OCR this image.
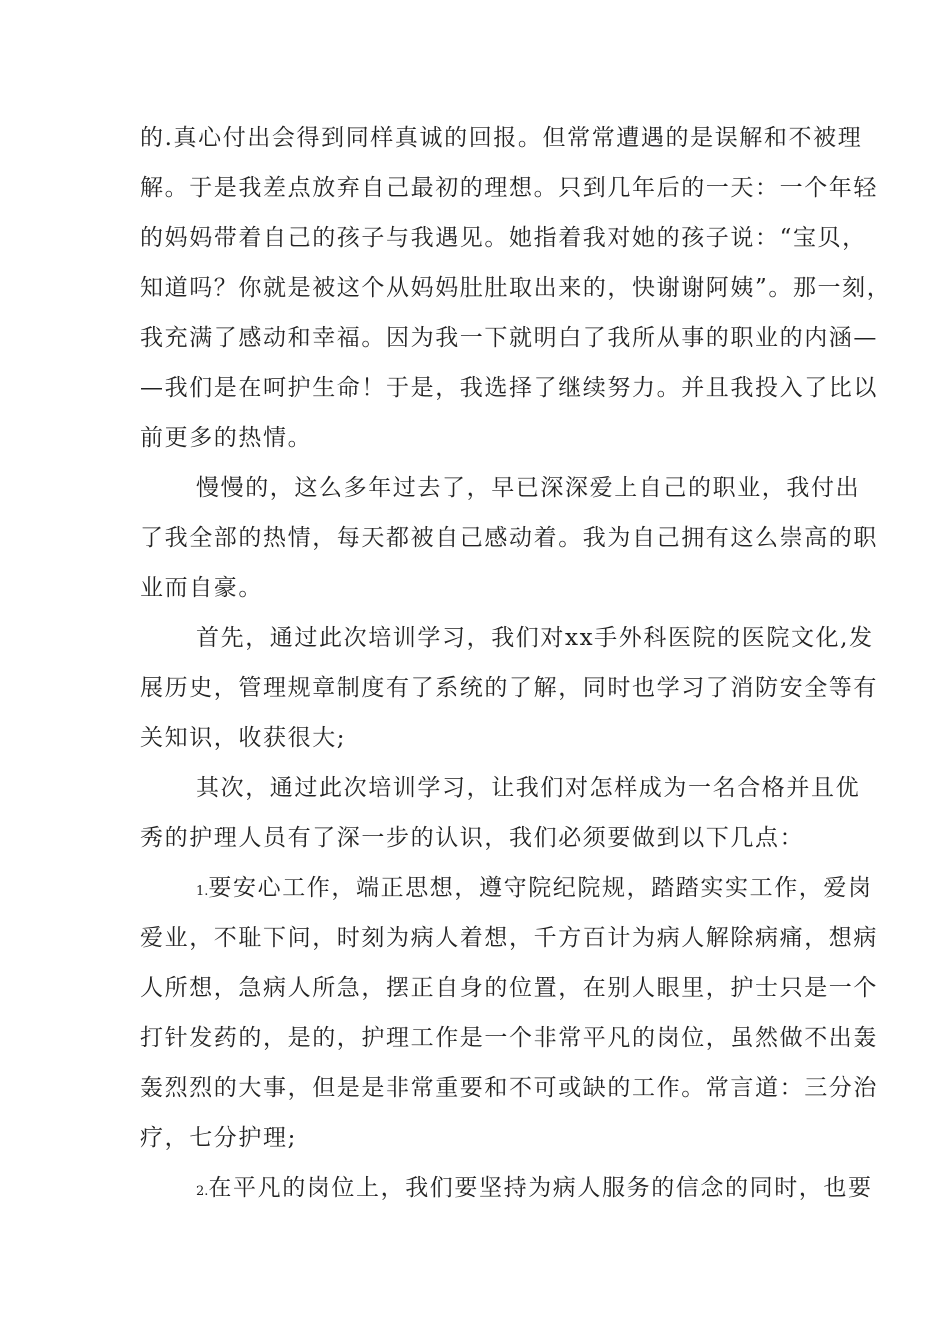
的.真心付出会得到同样真诚的回报。但常常遭遇的是误解和不被理
解。于是我差点放弃自己最初的理想。只到几年后的一天：一个年轻
的妈妈带着自己的孩子与我遇见。她指着我对她的孩子说：“宝贝，
知道吗？你就是被这个从妈妈肚肚取出来的，快谢谢阿姨”。那一刻，
我充满了感动和幸福。因为我一下就明白了我所从事的职业的内涵—
—我们是在呵护生命！于是，我选择了继续努力。并且我投入了比以
前更多的热情。
慢慢的，这么多年过去了，早已深深爱上自己的职业，我付出
了我全部的热情，每天都被自己感动着。我为自己拥有这么崇高的职
业而自豪。
首先，通过此次培训学习，我们对xx手外科医院的医院文化,发
展历史，管理规章制度有了系统的了解，同时也学习了消防安全等有
关知识，收获很大;
其次，通过此次培训学习，让我们对怎样成为一名合格并且优
秀的护理人员有了深一步的认识，我们必须要做到以下几点：
1.要安心工作，端正思想，遵守院纪院规，踏踏实实工作，爱岗
爱业，不耻下问，时刻为病人着想，千方百计为病人解除病痛，想病
人所想，急病人所急，摆正自身的位置，在别人眼里，护士只是一个
打针发药的，是的，护理工作是一个非常平凡的岗位，虽然做不出轰
轰烈烈的大事，但是是非常重要和不可或缺的工作。常言道：三分治
疗，七分护理;
2.在平凡的岗位上，我们要坚持为病人服务的信念的同时，也要
